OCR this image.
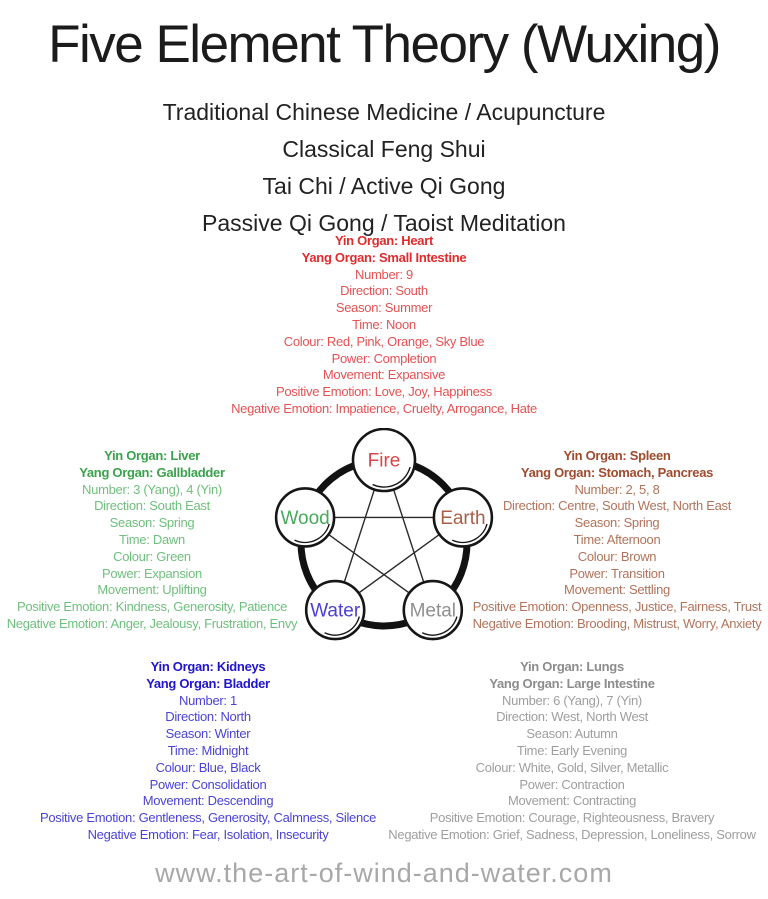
Five Element Theory (Wuxing)
Traditional Chinese Medicine / Acupuncture
Classical Feng Shui
Tai Chi / Active Qi Gong
Passive Qi Gong / Taoist Meditation
Yin Organ: Heart
Yang Organ: Small Intestine
Number: 9
Direction: South
Season: Summer
Time: Noon
Colour: Red, Pink, Orange, Sky Blue
Power: Completion
Movement: Expansive
Positive Emotion: Love, Joy, Happiness
Negative Emotion: Impatience, Cruelty, Arrogance, Hate
Yin Organ: Liver
Yang Organ: Gallbladder
Number: 3 (Yang), 4 (Yin)
Direction: South East
Season: Spring
Time: Dawn
Colour: Green
Power: Expansion
Movement: Uplifting
Positive Emotion: Kindness, Generosity, Patience
Negative Emotion: Anger, Jealousy, Frustration, Envy
Yin Organ: Spleen
Yang Organ: Stomach, Pancreas
Number: 2, 5, 8
Direction: Centre, South West, North East
Season: Spring
Time: Afternoon
Colour: Brown
Power: Transition
Movement: Settling
Positive Emotion: Openness, Justice, Fairness, Trust
Negative Emotion: Brooding, Mistrust, Worry, Anxiety
Yin Organ: Kidneys
Yang Organ: Bladder
Number: 1
Direction: North
Season: Winter
Time: Midnight
Colour: Blue, Black
Power: Consolidation
Movement: Descending
Positive Emotion: Gentleness, Generosity, Calmness, Silence
Negative Emotion: Fear, Isolation, Insecurity
Yin Organ: Lungs
Yang Organ: Large Intestine
Number: 6 (Yang), 7 (Yin)
Direction: West, North West
Season: Autumn
Time: Early Evening
Colour: White, Gold, Silver, Metallic
Power: Contraction
Movement: Contracting
Positive Emotion: Courage, Righteousness, Bravery
Negative Emotion: Grief, Sadness, Depression, Loneliness, Sorrow
Fire
Wood	Earth
Water	Metal
www.the-art-of-wind-and-water.com
